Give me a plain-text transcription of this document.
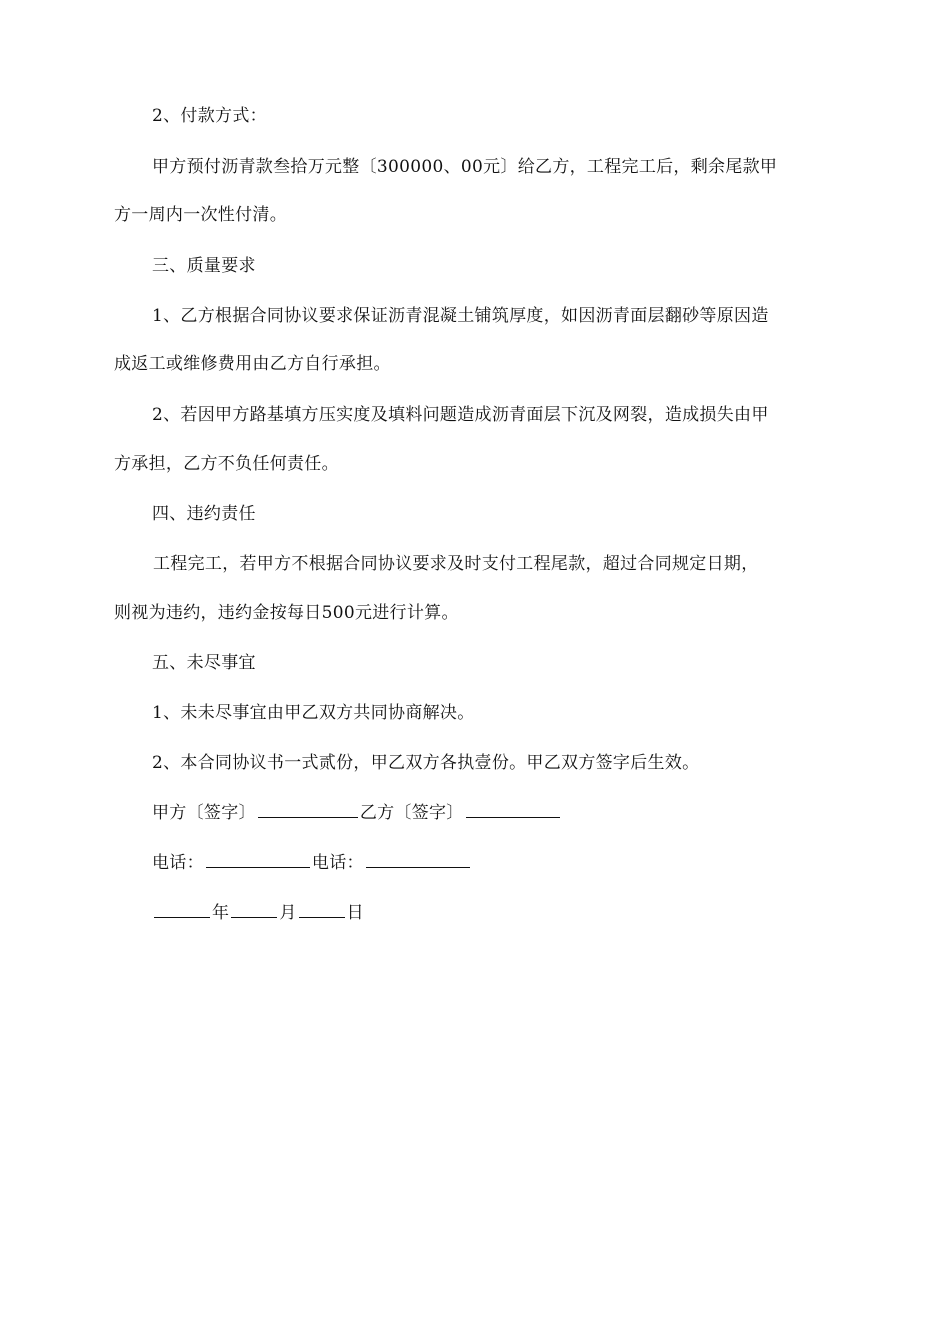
2、付款方式：
甲方预付沥青款叁拾万元整〔300000、00元〕给乙方，工程完工后，剩余尾款甲
方一周内一次性付清。
三、质量要求
1、乙方根据合同协议要求保证沥青混凝土铺筑厚度，如因沥青面层翻砂等原因造
成返工或维修费用由乙方自行承担。
2、若因甲方路基填方压实度及填料问题造成沥青面层下沉及网裂，造成损失由甲
方承担，乙方不负任何责任。
四、违约责任
工程完工，若甲方不根据合同协议要求及时支付工程尾款，超过合同规定日期，
则视为违约，违约金按每日500元进行计算。
五、未尽事宜
1、未未尽事宜由甲乙双方共同协商解决。
2、本合同协议书一式贰份，甲乙双方各执壹份。甲乙双方签字后生效。
甲方〔签字〕	乙方〔签字〕
电话：	电话：
年	月	日
